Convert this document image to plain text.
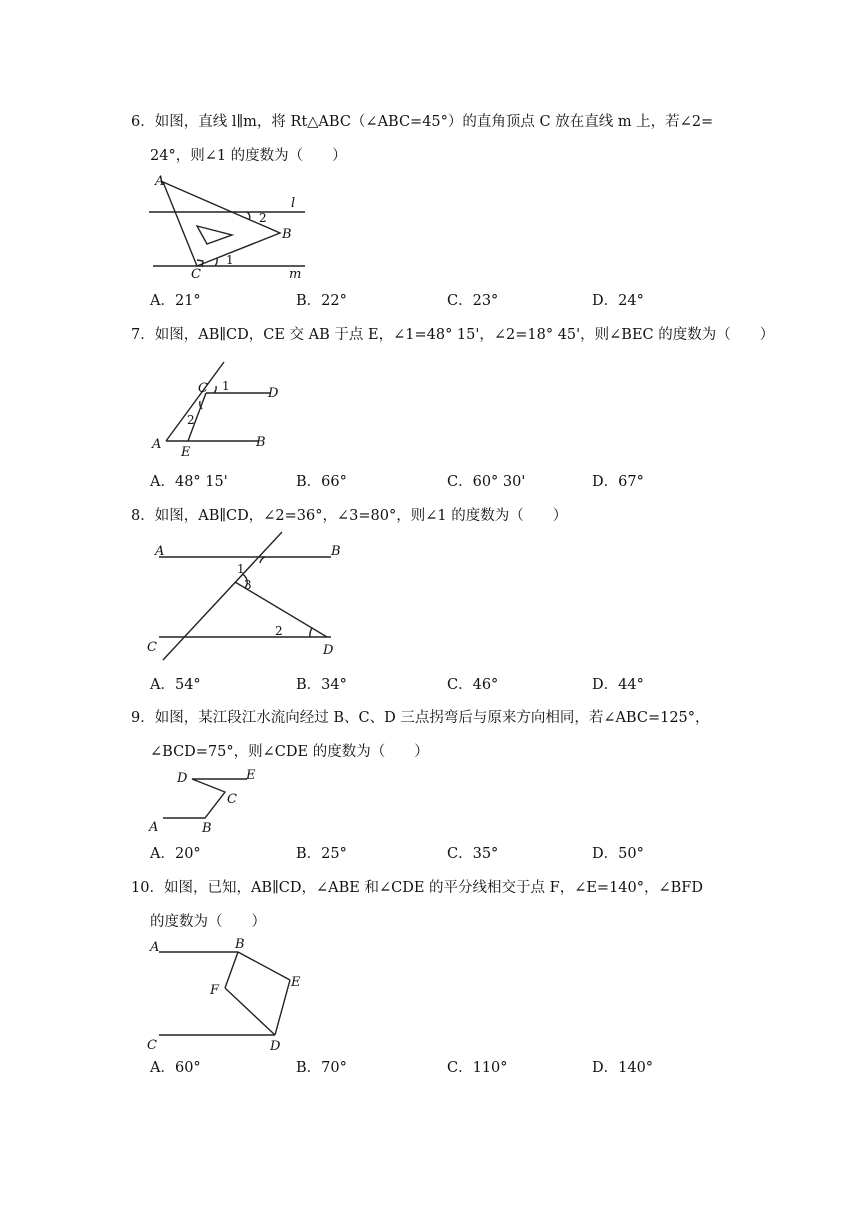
6．如图，直线 l∥m，将 Rt△ABC（∠ABC=45°）的直角顶点 C 放在直线 m 上，若∠2=
24°，则∠1 的度数为（　　）
A
B
C
l
m
1
2
A．21°	B．22°	C．23°	D．24°
7．如图，AB∥CD，CE 交 AB 于点 E，∠1=48° 15'，∠2=18° 45'，则∠BEC 的度数为（　　）
C	D
A	B
E
1
2
A．48° 15'	B．66°	C．60° 30'	D．67°
8．如图，AB∥CD，∠2=36°，∠3=80°，则∠1 的度数为（　　）
A	B
C	D
1
3
2
A．54°	B．34°	C．46°	D．44°
9．如图，某江段江水流向经过 B、C、D 三点拐弯后与原来方向相同，若∠ABC=125°，
∠BCD=75°，则∠CDE 的度数为（　　）
A	B
C
D	E
A．20°	B．25°	C．35°	D．50°
10．如图，已知，AB∥CD，∠ABE 和∠CDE 的平分线相交于点 F，∠E=140°，∠BFD
的度数为（　　）
A	B
C	D
E
F
A．60°	B．70°	C．110°	D．140°
